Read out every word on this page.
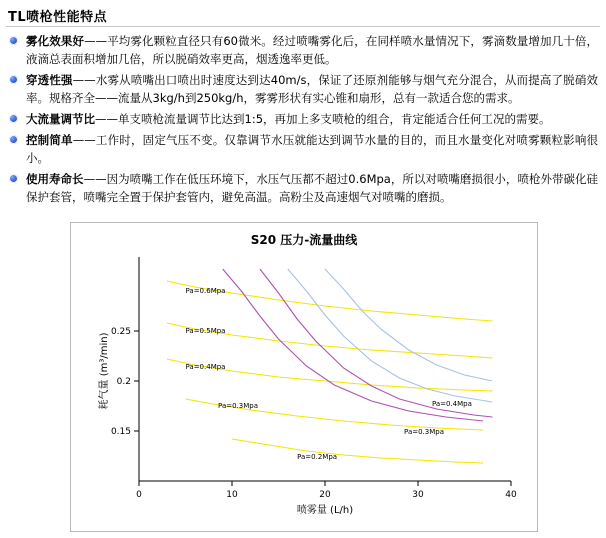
TL喷枪性能特点
雾化效果好——平均雾化颗粒直径只有60微米。经过喷嘴雾化后，在同样喷水量情况下，雾滴数量增加几十倍，液滴总表面积增加几倍，所以脱硝效率更高，烟透逸率更低。
穿透性强——水雾从喷嘴出口喷出时速度达到达40m/s，保证了还原剂能够与烟气充分混合，从而提高了脱硝效率。规格齐全——流量从3kg/h到250kg/h，雾雾形状有实心锥和扇形，总有一款适合您的需求。
大流量调节比——单支喷枪流量调节比达到1:5，再加上多支喷枪的组合，肯定能适合任何工况的需要。
控制简单——工作时，固定气压不变。仅靠调节水压就能达到调节水量的目的，而且水量变化对喷雾颗粒影响很小。
使用寿命长——因为喷嘴工作在低压环境下，水压气压都不超过0.6Mpa，所以对喷嘴磨损很小，喷枪外带碳化硅保护套管，喷嘴完全置于保护套管内，避免高温。高粉尘及高速烟气对喷嘴的磨损。
S20 压力-流量曲线
0	10	20	30	40
0.15
0.2
0.25
喷雾量 (L/h)
耗气量 (m³/min)
Pa=0.6Mpa
Pa=0.5Mpa
Pa=0.4Mpa
Pa=0.3Mpa
Pa=0.2Mpa
Pa=0.4Mpa
Pa=0.3Mpa
